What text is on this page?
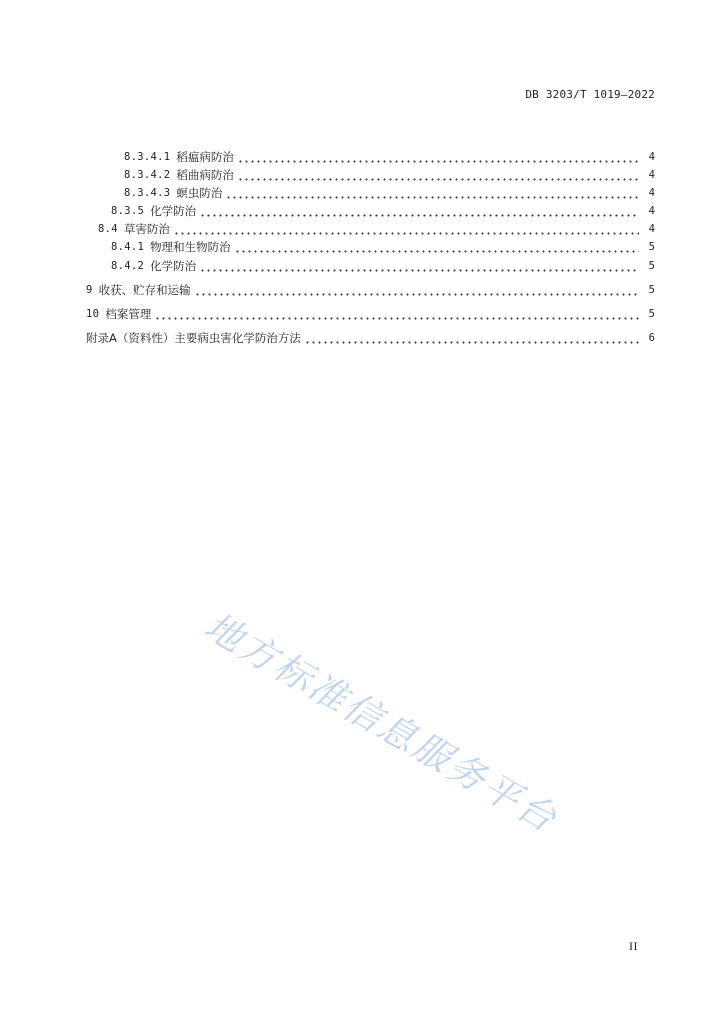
DB 3203/T 1019—2022
8.3.4.1 稻瘟病防治	4
8.3.4.2 稻曲病防治	4
8.3.4.3 螟虫防治	4
8.3.5 化学防治	4
8.4 草害防治	4
8.4.1 物理和生物防治	5
8.4.2 化学防治	5
9 收获、贮存和运输	5
10 档案管理	5
附录A（资料性）主要病虫害化学防治方法	6
地方标准信息服务平台
II
